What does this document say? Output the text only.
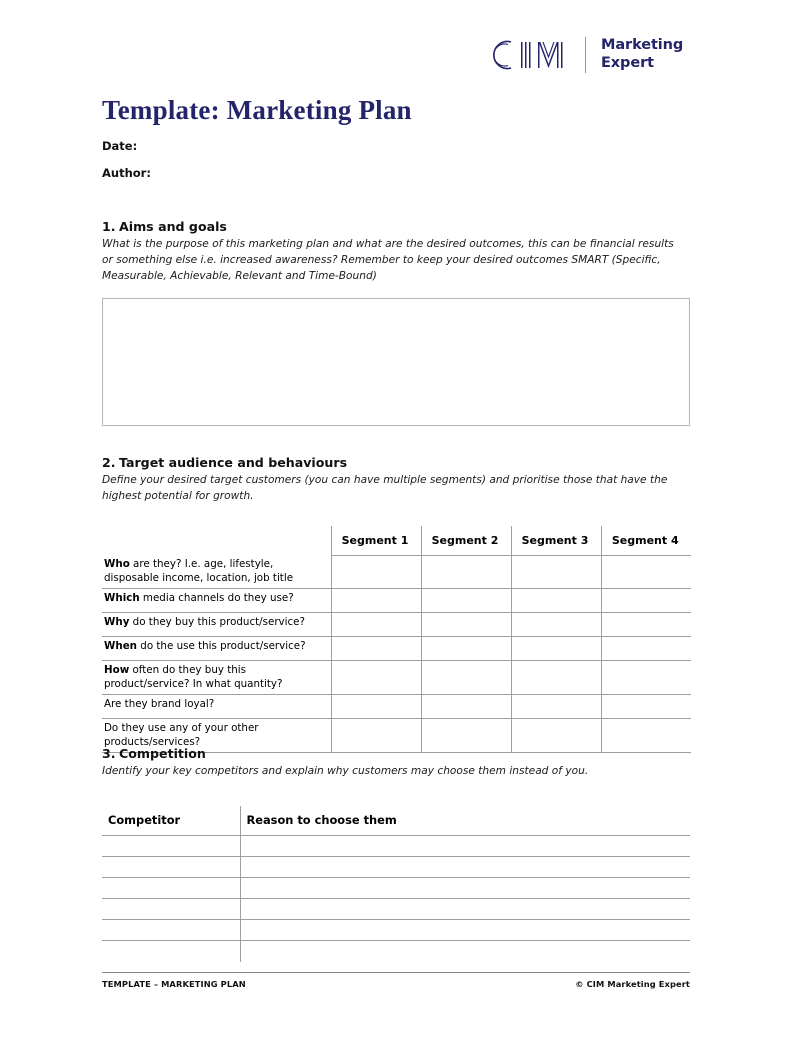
Marketing
Expert
Template: Marketing Plan
Date:
Author:
1. Aims and goals
What is the purpose of this marketing plan and what are the desired outcomes, this can be financial results or something else i.e. increased awareness? Remember to keep your desired outcomes SMART (Specific, Measurable, Achievable, Relevant and Time-Bound)
2. Target audience and behaviours
Define your desired target customers (you can have multiple segments) and prioritise those that have the highest potential for growth.
	Segment 1	Segment 2	Segment 3	Segment 4
Who are they? I.e. age, lifestyle, disposable income, location, job title				
Which media channels do they use?				
Why do they buy this product/service?				
When do the use this product/service?				
How often do they buy this product/service? In what quantity?				
Are they brand loyal?				
Do they use any of your other products/services?				
3. Competition
Identify your key competitors and explain why customers may choose them instead of you.
Competitor	Reason to choose them

TEMPLATE – MARKETING PLAN	© CIM Marketing Expert
